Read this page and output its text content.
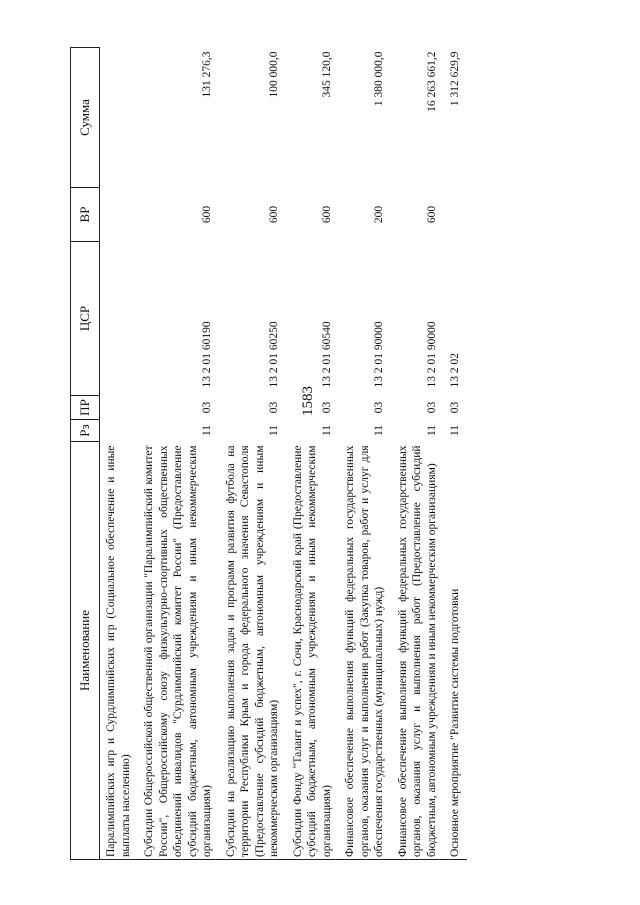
1583
Наименование	Рз	ПР	ЦСР	ВР	Сумма
Паралимпийских игр и Сурдлимпийских игр (Социальное обеспечение и иные выплаты населению)					
Субсидии Общероссийской общественной организации "Паралимпийский комитет России", Общероссийскому союзу физкультурно-спортивных общественных объединений инвалидов "Сурдлимпийский комитет России" (Предоставление субсидий бюджетным, автономным учреждениям и иным некоммерческим организациям)	11	03	13 2 01 60190	600	131 276,3
Субсидии на реализацию выполнения задач и программ развития футбола на территории Республики Крым и города федерального значения Севастополя (Предоставление субсидий бюджетным, автономным учреждениям и иным некоммерческим организациям)	11	03	13 2 01 60250	600	100 000,0
Субсидии Фонду "Талант и успех", г. Сочи, Краснодарский край (Предоставление субсидий бюджетным, автономным учреждениям и иным некоммерческим организациям)	11	03	13 2 01 60540	600	345 120,0
Финансовое обеспечение выполнения функций федеральных государственных органов, оказания услуг и выполнения работ (Закупка товаров, работ и услуг для обеспечения государственных (муниципальных) нужд)	11	03	13 2 01 90000	200	1 380 000,0
Финансовое обеспечение выполнения функций федеральных государственных органов, оказания услуг и выполнения работ (Предоставление субсидий бюджетным, автономным учреждениям и иным некоммерческим организациям)	11	03	13 2 01 90000	600	16 263 661,2
Основное мероприятие "Развитие системы подготовки	11	03	13 2 02		1 312 629,9
